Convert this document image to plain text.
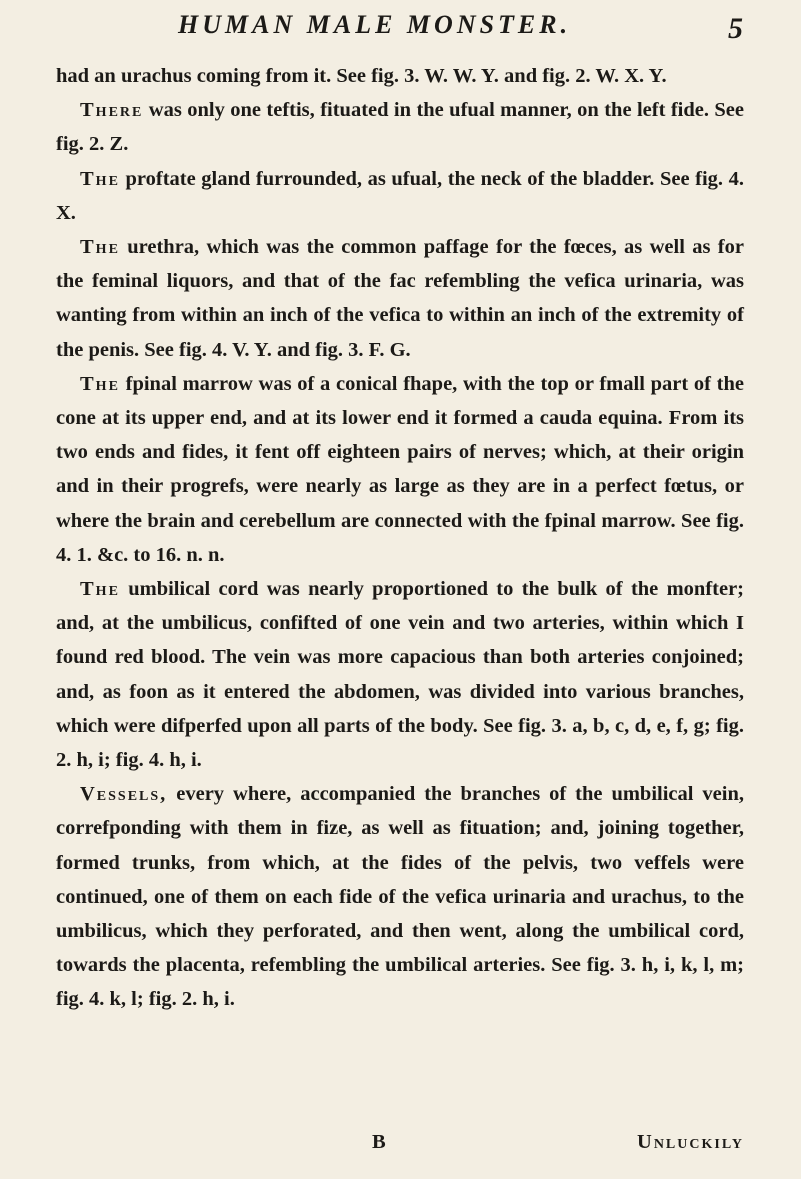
HUMAN MALE MONSTER.	5

had an urachus coming from it. See fig. 3. W. W. Y. and fig. 2. W. X. Y.

There was only one teftis, fituated in the ufual manner, on the left fide. See fig. 2. Z.

The proftate gland furrounded, as ufual, the neck of the bladder. See fig. 4. X.

The urethra, which was the common paffage for the fœces, as well as for the feminal liquors, and that of the fac refembling the vefica urinaria, was wanting from within an inch of the vefica to within an inch of the extremity of the penis. See fig. 4. V. Y. and fig. 3. F. G.

The fpinal marrow was of a conical fhape, with the top or fmall part of the cone at its upper end, and at its lower end it formed a cauda equina. From its two ends and fides, it fent off eighteen pairs of nerves; which, at their origin and in their progrefs, were nearly as large as they are in a perfect fœtus, or where the brain and cerebellum are connected with the fpinal marrow. See fig. 4. 1. &c. to 16. n. n.

The umbilical cord was nearly proportioned to the bulk of the monfter; and, at the umbilicus, confifted of one vein and two arteries, within which I found red blood. The vein was more capacious than both arteries conjoined; and, as foon as it entered the abdomen, was divided into various branches, which were difperfed upon all parts of the body. See fig. 3. a, b, c, d, e, f, g; fig. 2. h, i; fig. 4. h, i.

Vessels, every where, accompanied the branches of the umbilical vein, correfponding with them in fize, as well as fituation; and, joining together, formed trunks, from which, at the fides of the pelvis, two veffels were continued, one of them on each fide of the vefica urinaria and urachus, to the umbilicus, which they perforated, and then went, along the umbilical cord, towards the placenta, refembling the umbilical arteries. See fig. 3. h, i, k, l, m; fig. 4. k, l; fig. 2. h, i.

B	Unluckily
